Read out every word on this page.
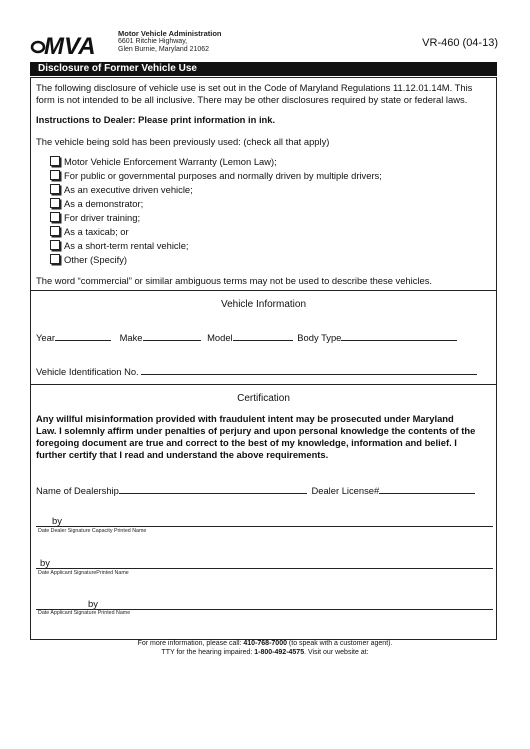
MVA	Motor Vehicle Administration
6601 Ritchie Highway,
Glen Burnie, Maryland 21062
VR-460 (04-13)
Disclosure of Former Vehicle Use
The following disclosure of vehicle use is set out in the Code of Maryland Regulations 11.12.01.14M. This
form is not intended to be all inclusive. There may be other disclosures required by state or federal laws.
Instructions to Dealer: Please print information in ink.
The vehicle being sold has been previously used: (check all that apply)
Motor Vehicle Enforcement Warranty (Lemon Law);
For public or governmental purposes and normally driven by multiple drivers;
As an executive driven vehicle;
As a demonstrator;
For driver training;
As a taxicab; or
As a short-term rental vehicle;
Other (Specify)
The word “commercial” or similar ambiguous terms may not be used to describe these vehicles.
Vehicle Information
Year	Make	Model	Body Type
Vehicle Identification No.
Certification
Any willful misinformation provided with fraudulent intent may be prosecuted under Maryland
Law. I solemnly affirm under penalties of perjury and upon personal knowledge the contents of the
foregoing document are true and correct to the best of my knowledge, information and belief. I
further certify that I read and understand the above requirements.
Name of Dealership	Dealer License#
by
Date Dealer Signature Capacity Printed Name
by
Date Applicant SignaturePrinted Name
by
Date Applicant Signature Printed Name
For more information, please call: 410-768-7000 (to speak with a customer agent).
TTY for the hearing impaired: 1-800-492-4575. Visit our website at:
